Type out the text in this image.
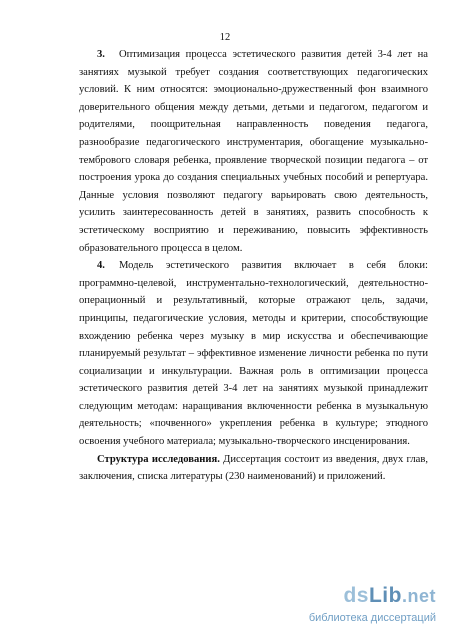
12

3. Оптимизация процесса эстетического развития детей 3-4 лет на занятиях музыкой требует создания соответствующих педагогических условий. К ним относятся: эмоционально-дружественный фон взаимного доверительного общения между детьми, детьми и педагогом, педагогом и родителями, поощрительная направленность поведения педагога, разнообразие педагогического инструментария, обогащение музыкально-тембрового словаря ребенка, проявление творческой позиции педагога – от построения урока до создания специальных учебных пособий и репертуара. Данные условия позволяют педагогу варьировать свою деятельность, усилить заинтересованность детей в занятиях, развить способность к эстетическому восприятию и переживанию, повысить эффективность образовательного процесса в целом.

4. Модель эстетического развития включает в себя блоки: программно-целевой, инструментально-технологический, деятельностно-операционный и результативный, которые отражают цель, задачи, принципы, педагогические условия, методы и критерии, способствующие вхождению ребенка через музыку в мир искусства и обеспечивающие планируемый результат – эффективное изменение личности ребенка по пути социализации и инкультурации. Важная роль в оптимизации процесса эстетического развития детей 3-4 лет на занятиях музыкой принадлежит следующим методам: наращивания включенности ребенка в музыкальную деятельность; «почвенного» укрепления ребенка в культуре; этюдного освоения учебного материала; музыкально-творческого инсценирования.

Структура исследования. Диссертация состоит из введения, двух глав, заключения, списка литературы (230 наименований) и приложений.

dsLib.net
библиотека диссертаций
